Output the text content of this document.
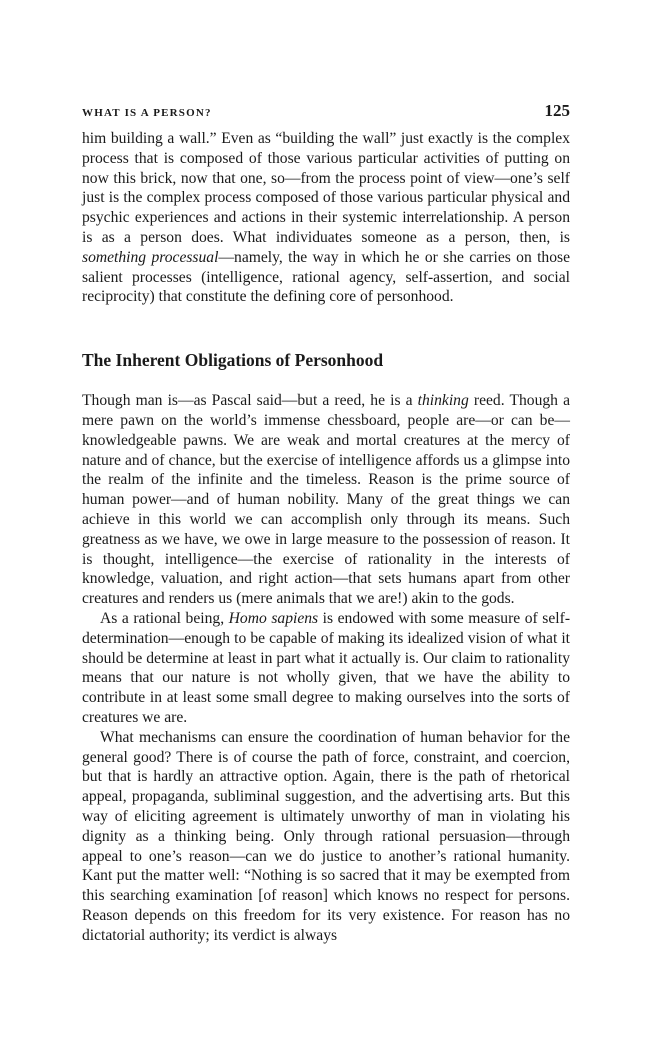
WHAT IS A PERSON?	125

him building a wall.” Even as “building the wall” just exactly is the complex process that is composed of those various particular activities of putting on now this brick, now that one, so—from the process point of view—one’s self just is the complex process composed of those various particular physical and psychic experiences and actions in their systemic interrelationship. A person is as a person does. What individuates someone as a person, then, is something processual—namely, the way in which he or she carries on those salient processes (intelligence, rational agency, self-assertion, and social reciprocity) that constitute the defining core of personhood.

The Inherent Obligations of Personhood

Though man is—as Pascal said—but a reed, he is a thinking reed. Though a mere pawn on the world’s immense chessboard, people are—or can be—knowledgeable pawns. We are weak and mortal creatures at the mercy of nature and of chance, but the exercise of intelligence affords us a glimpse into the realm of the infinite and the timeless. Reason is the prime source of human power—and of human nobility. Many of the great things we can achieve in this world we can accomplish only through its means. Such greatness as we have, we owe in large measure to the possession of reason. It is thought, intelligence—the exercise of rationality in the interests of knowledge, valuation, and right action—that sets humans apart from other creatures and renders us (mere animals that we are!) akin to the gods.

As a rational being, Homo sapiens is endowed with some measure of self-determination—enough to be capable of making its idealized vision of what it should be determine at least in part what it actually is. Our claim to rationality means that our nature is not wholly given, that we have the ability to contribute in at least some small degree to making ourselves into the sorts of creatures we are.

What mechanisms can ensure the coordination of human behavior for the general good? There is of course the path of force, constraint, and coercion, but that is hardly an attractive option. Again, there is the path of rhetorical appeal, propaganda, subliminal suggestion, and the advertising arts. But this way of eliciting agreement is ultimately unworthy of man in violating his dignity as a thinking being. Only through rational persuasion—through appeal to one’s reason—can we do justice to another’s rational humanity. Kant put the matter well: “Nothing is so sacred that it may be exempted from this searching examination [of reason] which knows no respect for persons. Reason depends on this freedom for its very existence. For reason has no dictatorial authority; its verdict is always
